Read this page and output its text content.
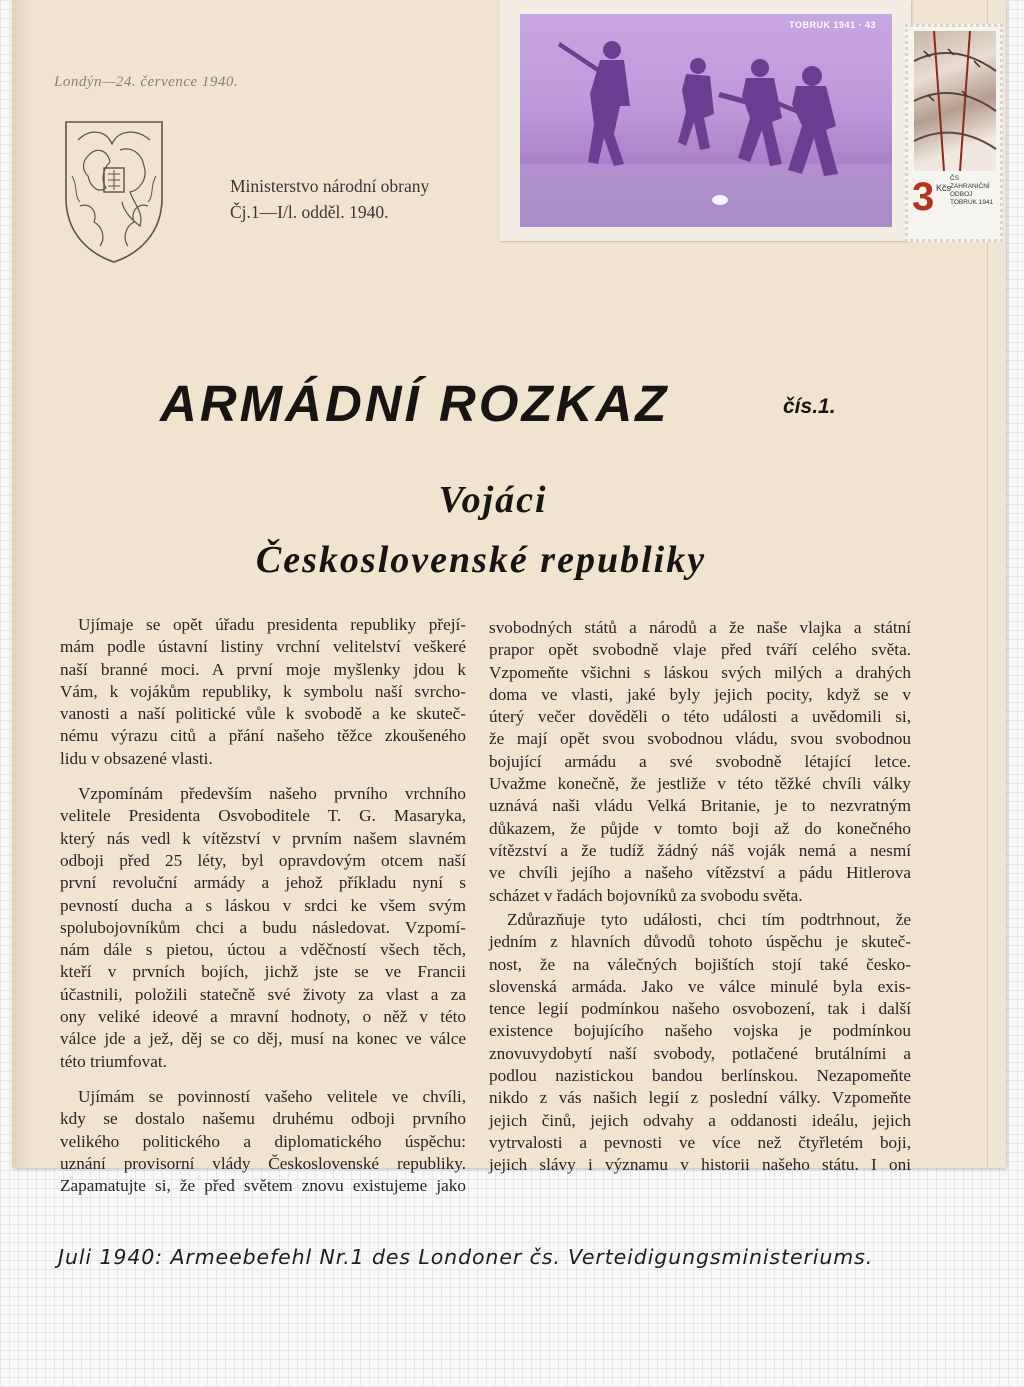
Londýn—24. července 1940.
Ministerstvo národní obrany
Čj.1—I/l. odděl. 1940.
ARMÁDNÍ ROZKAZ	čís.1.
Vojáci
Československé republiky
Ujímaje se opět úřadu presidenta republiky přejí-
mám podle ústavní listiny vrchní velitelství veškeré
naší branné moci. A první moje myšlenky jdou k
Vám, k vojákům republiky, k symbolu naší svrcho-
vanosti a naší politické vůle k svobodě a ke skuteč-
nému výrazu citů a přání našeho těžce zkoušeného
lidu v obsazené vlasti.
Vzpomínám především našeho prvního vrchního
velitele Presidenta Osvoboditele T. G. Masaryka,
který nás vedl k vítězství v prvním našem slavném
odboji před 25 léty, byl opravdovým otcem naší
první revoluční armády a jehož příkladu nyní s
pevností ducha a s láskou v srdci ke všem svým
spolubojovníkům chci a budu následovat. Vzpomí-
nám dále s pietou, úctou a vděčností všech těch,
kteří v prvních bojích, jichž jste se ve Francii
účastnili, položili statečně své životy za vlast a za
ony veliké ideové a mravní hodnoty, o něž v této
válce jde a jež, děj se co děj, musí na konec ve válce
této triumfovat.
Ujímám se povinností vašeho velitele ve chvíli,
kdy se dostalo našemu druhému odboji prvního
velikého politického a diplomatického úspěchu:
uznání provisorní vlády Československé republiky.
Zapamatujte si, že před světem znovu existujeme jako
svobodných států a národů a že naše vlajka a státní
prapor opět svobodně vlaje před tváří celého světa.
Vzpomeňte všichni s láskou svých milých a drahých
doma ve vlasti, jaké byly jejich pocity, když se v
úterý večer dověděli o této události a uvědomili si,
že mají opět svou svobodnou vládu, svou svobodnou
bojující armádu a své svobodně létající letce.
Uvažme konečně, že jestliže v této těžké chvíli války
uznává naši vládu Velká Britanie, je to nezvratným
důkazem, že půjde v tomto boji až do konečného
vítězství a že tudíž žádný náš voják nemá a nesmí
ve chvíli jejího a našeho vítězství a pádu Hitlerova
scházet v řadách bojovníků za svobodu světa.
Zdůrazňuje tyto události, chci tím podtrhnout, že
jedním z hlavních důvodů tohoto úspěchu je skuteč-
nost, že na válečných bojištích stojí také česko-
slovenská armáda. Jako ve válce minulé byla exis-
tence legií podmínkou našeho osvobození, tak i další
existence bojujícího našeho vojska je podmínkou
znovuvydobytí naší svobody, potlačené brutálními a
podlou nazistickou bandou berlínskou. Nezapomeňte
nikdo z vás našich legií z poslední války. Vzpomeňte
jejich činů, jejich odvahy a oddanosti ideálu, jejich
vytrvalosti a pevnosti ve více než čtyřletém boji,
jejich slávy i významu v historii našeho státu. I oni
TOBRUK 1941 · 43
3 Kčs
ČS
ZAHRANIČNÍ
ODBOJ
TOBRUK 1941
Juli 1940: Armeebefehl Nr.1 des Londoner čs. Verteidigungsministeriums.
